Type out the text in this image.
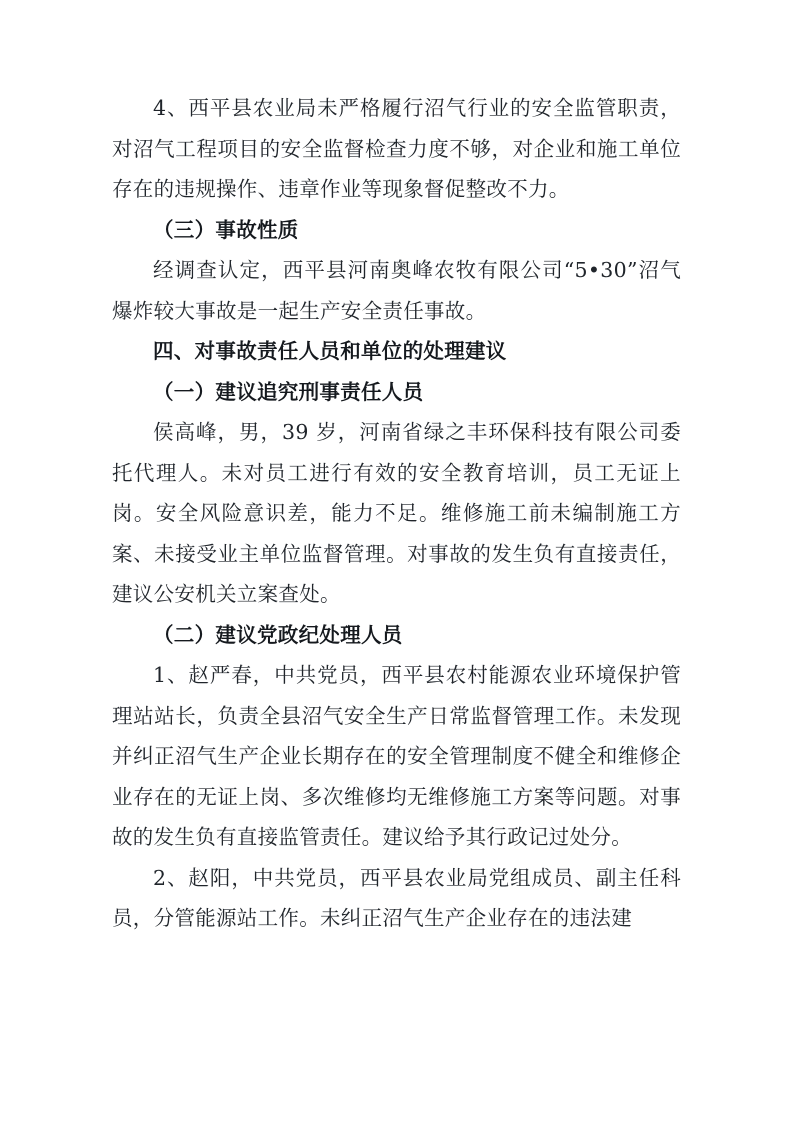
4、西平县农业局未严格履行沼气行业的安全监管职责，对沼气工程项目的安全监督检查力度不够，对企业和施工单位存在的违规操作、违章作业等现象督促整改不力。

（三）事故性质

经调查认定，西平县河南奥峰农牧有限公司“5•30”沼气爆炸较大事故是一起生产安全责任事故。

四、对事故责任人员和单位的处理建议

（一）建议追究刑事责任人员

侯高峰，男，39 岁，河南省绿之丰环保科技有限公司委托代理人。未对员工进行有效的安全教育培训，员工无证上岗。安全风险意识差，能力不足。维修施工前未编制施工方案、未接受业主单位监督管理。对事故的发生负有直接责任，建议公安机关立案查处。

（二）建议党政纪处理人员

1、赵严春，中共党员，西平县农村能源农业环境保护管理站站长，负责全县沼气安全生产日常监督管理工作。未发现并纠正沼气生产企业长期存在的安全管理制度不健全和维修企业存在的无证上岗、多次维修均无维修施工方案等问题。对事故的发生负有直接监管责任。建议给予其行政记过处分。

2、赵阳，中共党员，西平县农业局党组成员、副主任科员，分管能源站工作。未纠正沼气生产企业存在的违法建
